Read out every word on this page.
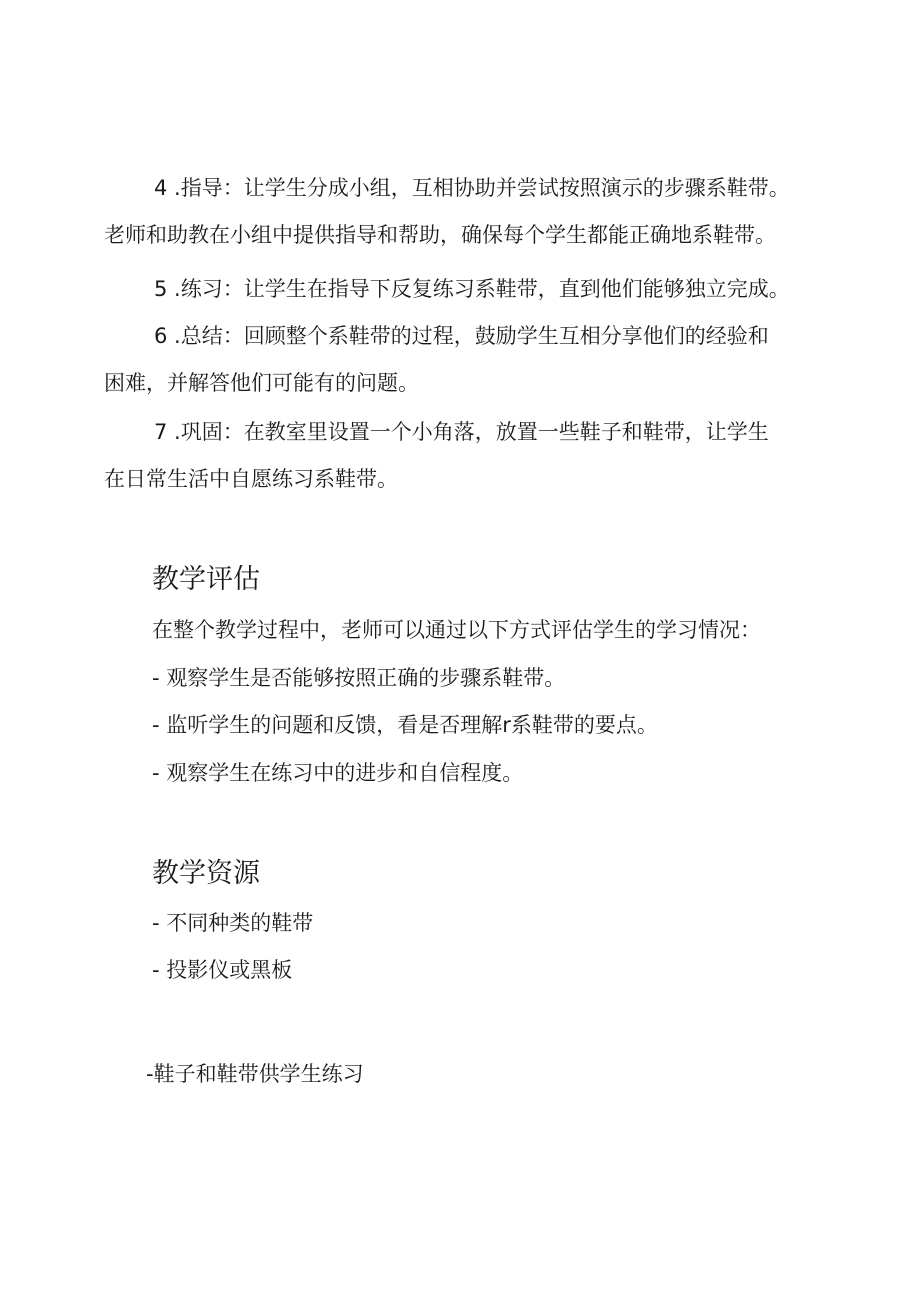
4 .指导：让学生分成小组，互相协助并尝试按照演示的步骤系鞋带。
老师和助教在小组中提供指导和帮助，确保每个学生都能正确地系鞋带。

5 .练习：让学生在指导下反复练习系鞋带，直到他们能够独立完成。

6 .总结：回顾整个系鞋带的过程，鼓励学生互相分享他们的经验和
困难，并解答他们可能有的问题。

7 .巩固：在教室里设置一个小角落，放置一些鞋子和鞋带，让学生
在日常生活中自愿练习系鞋带。

教学评估

在整个教学过程中，老师可以通过以下方式评估学生的学习情况：

- 观察学生是否能够按照正确的步骤系鞋带。

- 监听学生的问题和反馈，看是否理解r系鞋带的要点。

- 观察学生在练习中的进步和自信程度。

教学资源

- 不同种类的鞋带

- 投影仪或黑板

-鞋子和鞋带供学生练习
